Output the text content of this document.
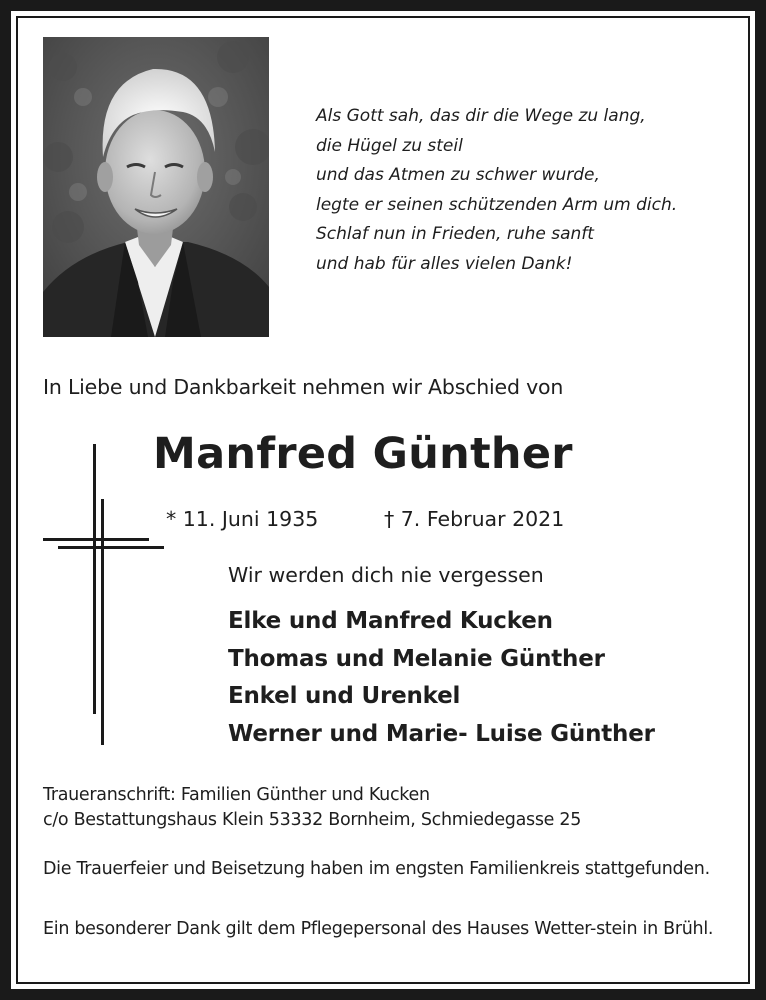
Als Gott sah, das dir die Wege zu lang,
die Hügel zu steil
und das Atmen zu schwer wurde,
legte er seinen schützenden Arm um dich.
Schlaf nun in Frieden, ruhe sanft
und hab für alles vielen Dank!
In Liebe und Dankbarkeit nehmen wir Abschied von
Manfred Günther
* 11. Juni 1935	† 7. Februar 2021
Wir werden dich nie vergessen
Elke und Manfred Kucken
Thomas und Melanie Günther
Enkel und Urenkel
Werner und Marie- Luise Günther
Traueranschrift: Familien Günther und Kucken
c/o Bestattungshaus Klein 53332 Bornheim, Schmiedegasse 25
Die Trauerfeier und Beisetzung haben im engsten Familienkreis stattgefunden.
Ein besonderer Dank gilt dem Pflegepersonal des Hauses Wetter-stein in Brühl.
